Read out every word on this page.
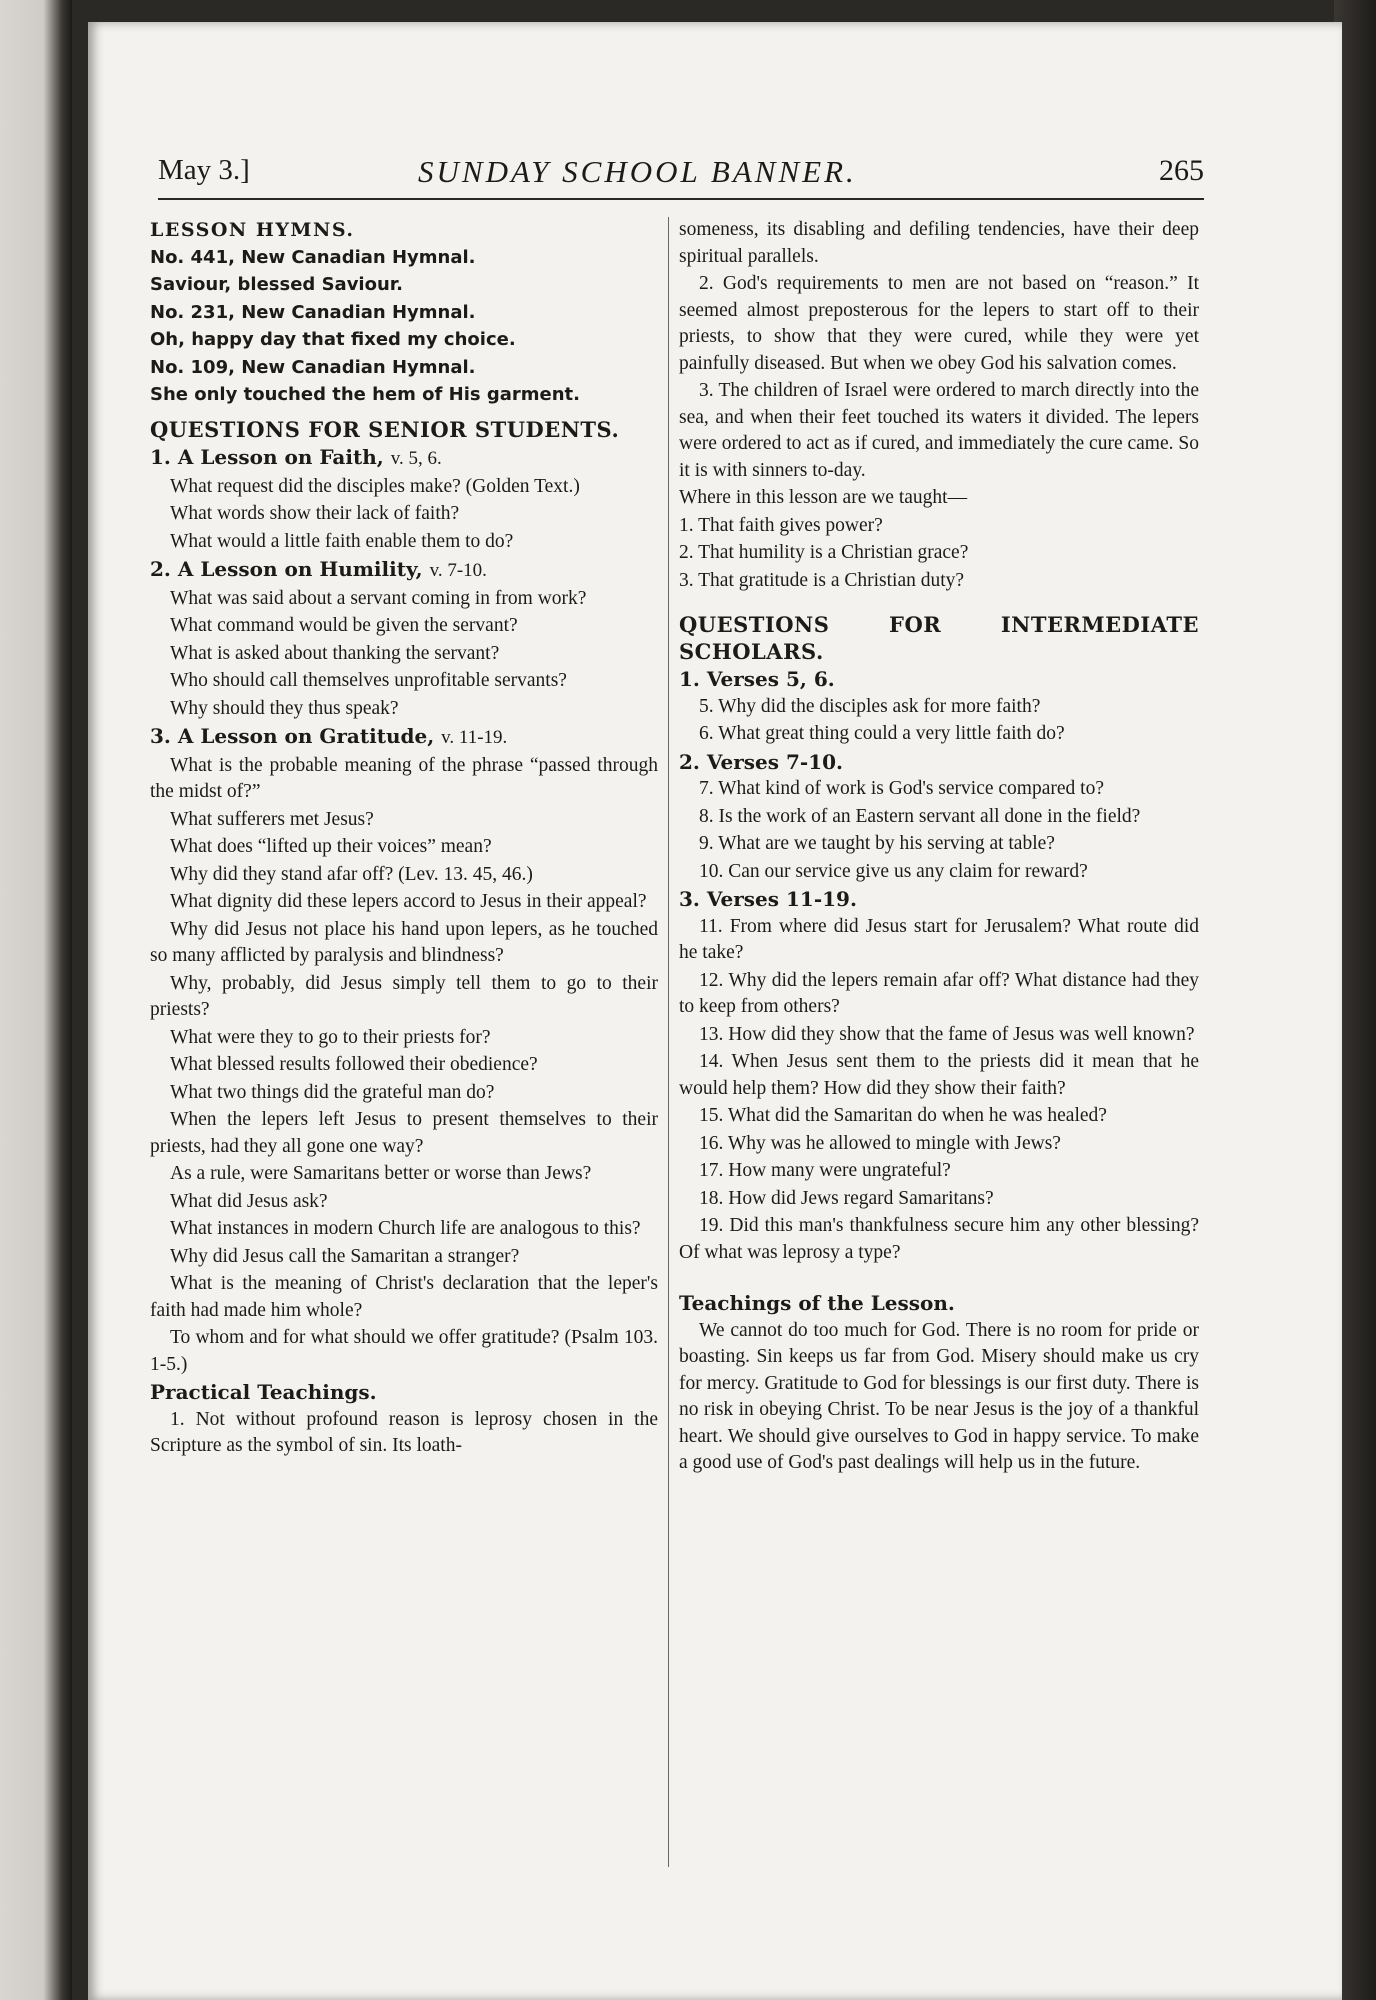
May 3.]	SUNDAY SCHOOL BANNER.	265

LESSON HYMNS.

No. 441, New Canadian Hymnal.

Saviour, blessed Saviour.

No. 231, New Canadian Hymnal.

Oh, happy day that fixed my choice.

No. 109, New Canadian Hymnal.

She only touched the hem of His garment.

QUESTIONS FOR SENIOR STUDENTS.

1. A Lesson on Faith, v. 5, 6.

What request did the disciples make? (Golden Text.)

What words show their lack of faith?

What would a little faith enable them to do?

2. A Lesson on Humility, v. 7-10.

What was said about a servant coming in from work?

What command would be given the servant?

What is asked about thanking the servant?

Who should call themselves unprofitable servants?

Why should they thus speak?

3. A Lesson on Gratitude, v. 11-19.

What is the probable meaning of the phrase “passed through the midst of?”

What sufferers met Jesus?

What does “lifted up their voices” mean?

Why did they stand afar off? (Lev. 13. 45, 46.)

What dignity did these lepers accord to Jesus in their appeal?

Why did Jesus not place his hand upon lepers, as he touched so many afflicted by paralysis and blindness?

Why, probably, did Jesus simply tell them to go to their priests?

What were they to go to their priests for?

What blessed results followed their obedience?

What two things did the grateful man do?

When the lepers left Jesus to present themselves to their priests, had they all gone one way?

As a rule, were Samaritans better or worse than Jews?

What did Jesus ask?

What instances in modern Church life are analogous to this?

Why did Jesus call the Samaritan a stranger?

What is the meaning of Christ's declaration that the leper's faith had made him whole?

To whom and for what should we offer gratitude? (Psalm 103. 1-5.)

Practical Teachings.

1. Not without profound reason is leprosy chosen in the Scripture as the symbol of sin. Its loath-

someness, its disabling and defiling tendencies, have their deep spiritual parallels.

2. God's requirements to men are not based on “reason.” It seemed almost preposterous for the lepers to start off to their priests, to show that they were cured, while they were yet painfully diseased. But when we obey God his salvation comes.

3. The children of Israel were ordered to march directly into the sea, and when their feet touched its waters it divided. The lepers were ordered to act as if cured, and immediately the cure came. So it is with sinners to-day.

Where in this lesson are we taught—

1. That faith gives power?

2. That humility is a Christian grace?

3. That gratitude is a Christian duty?

QUESTIONS FOR INTERMEDIATE SCHOLARS.

1. Verses 5, 6.

5. Why did the disciples ask for more faith?

6. What great thing could a very little faith do?

2. Verses 7-10.

7. What kind of work is God's service compared to?

8. Is the work of an Eastern servant all done in the field?

9. What are we taught by his serving at table?

10. Can our service give us any claim for reward?

3. Verses 11-19.

11. From where did Jesus start for Jerusalem? What route did he take?

12. Why did the lepers remain afar off? What distance had they to keep from others?

13. How did they show that the fame of Jesus was well known?

14. When Jesus sent them to the priests did it mean that he would help them? How did they show their faith?

15. What did the Samaritan do when he was healed?

16. Why was he allowed to mingle with Jews?

17. How many were ungrateful?

18. How did Jews regard Samaritans?

19. Did this man's thankfulness secure him any other blessing? Of what was leprosy a type?

Teachings of the Lesson.

We cannot do too much for God. There is no room for pride or boasting. Sin keeps us far from God. Misery should make us cry for mercy. Gratitude to God for blessings is our first duty. There is no risk in obeying Christ. To be near Jesus is the joy of a thankful heart. We should give ourselves to God in happy service. To make a good use of God's past dealings will help us in the future.
